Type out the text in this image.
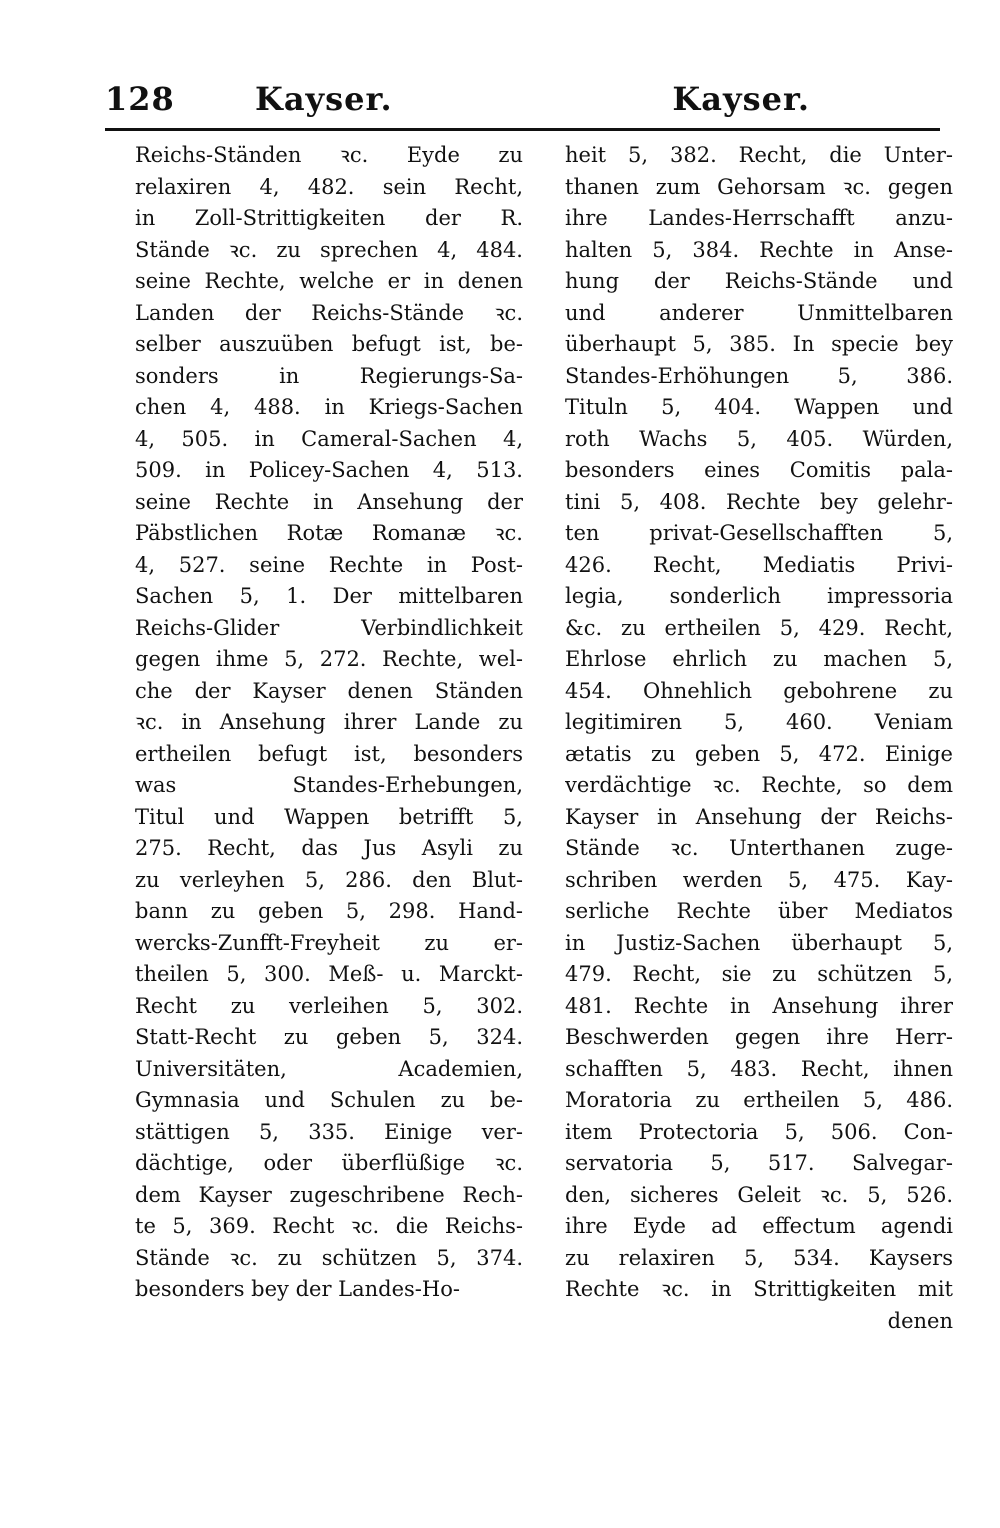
128	Kayser.	Kayser.
Reichs-Ständen ꝛc. Eyde zu
relaxiren 4, 482. sein Recht,
in Zoll-Strittigkeiten der R.
Stände ꝛc. zu sprechen 4, 484.
seine Rechte, welche er in denen
Landen der Reichs-Stände ꝛc.
selber auszuüben befugt ist, be-
sonders in Regierungs-Sa-
chen 4, 488. in Kriegs-Sachen
4, 505. in Cameral-Sachen 4,
509. in Policey-Sachen 4, 513.
seine Rechte in Ansehung der
Päbstlichen Rotæ Romanæ ꝛc.
4, 527. seine Rechte in Post-
Sachen 5, 1. Der mittelbaren
Reichs-Glider Verbindlichkeit
gegen ihme 5, 272. Rechte, wel-
che der Kayser denen Ständen
ꝛc. in Ansehung ihrer Lande zu
ertheilen befugt ist, besonders
was Standes-Erhebungen,
Titul und Wappen betrifft 5,
275. Recht, das Jus Asyli zu
zu verleyhen 5, 286. den Blut-
bann zu geben 5, 298. Hand-
wercks-Zunfft-Freyheit zu er-
theilen 5, 300. Meß- u. Marckt-
Recht zu verleihen 5, 302.
Statt-Recht zu geben 5, 324.
Universitäten, Academien,
Gymnasia und Schulen zu be-
stättigen 5, 335. Einige ver-
dächtige, oder überflüßige ꝛc.
dem Kayser zugeschribene Rech-
te 5, 369. Recht ꝛc. die Reichs-
Stände ꝛc. zu schützen 5, 374.
besonders bey der Landes-Ho-
heit 5, 382. Recht, die Unter-
thanen zum Gehorsam ꝛc. gegen
ihre Landes-Herrschafft anzu-
halten 5, 384. Rechte in Anse-
hung der Reichs-Stände und
und anderer Unmittelbaren
überhaupt 5, 385. In specie bey
Standes-Erhöhungen 5, 386.
Tituln 5, 404. Wappen und
roth Wachs 5, 405. Würden,
besonders eines Comitis pala-
tini 5, 408. Rechte bey gelehr-
ten privat-Gesellschafften 5,
426. Recht, Mediatis Privi-
legia, sonderlich impressoria
&c. zu ertheilen 5, 429. Recht,
Ehrlose ehrlich zu machen 5,
454. Ohnehlich gebohrene zu
legitimiren 5, 460. Veniam
ætatis zu geben 5, 472. Einige
verdächtige ꝛc. Rechte, so dem
Kayser in Ansehung der Reichs-
Stände ꝛc. Unterthanen zuge-
schriben werden 5, 475. Kay-
serliche Rechte über Mediatos
in Justiz-Sachen überhaupt 5,
479. Recht, sie zu schützen 5,
481. Rechte in Ansehung ihrer
Beschwerden gegen ihre Herr-
schafften 5, 483. Recht, ihnen
Moratoria zu ertheilen 5, 486.
item Protectoria 5, 506. Con-
servatoria 5, 517. Salvegar-
den, sicheres Geleit ꝛc. 5, 526.
ihre Eyde ad effectum agendi
zu relaxiren 5, 534. Kaysers
Rechte ꝛc. in Strittigkeiten mit
denen
